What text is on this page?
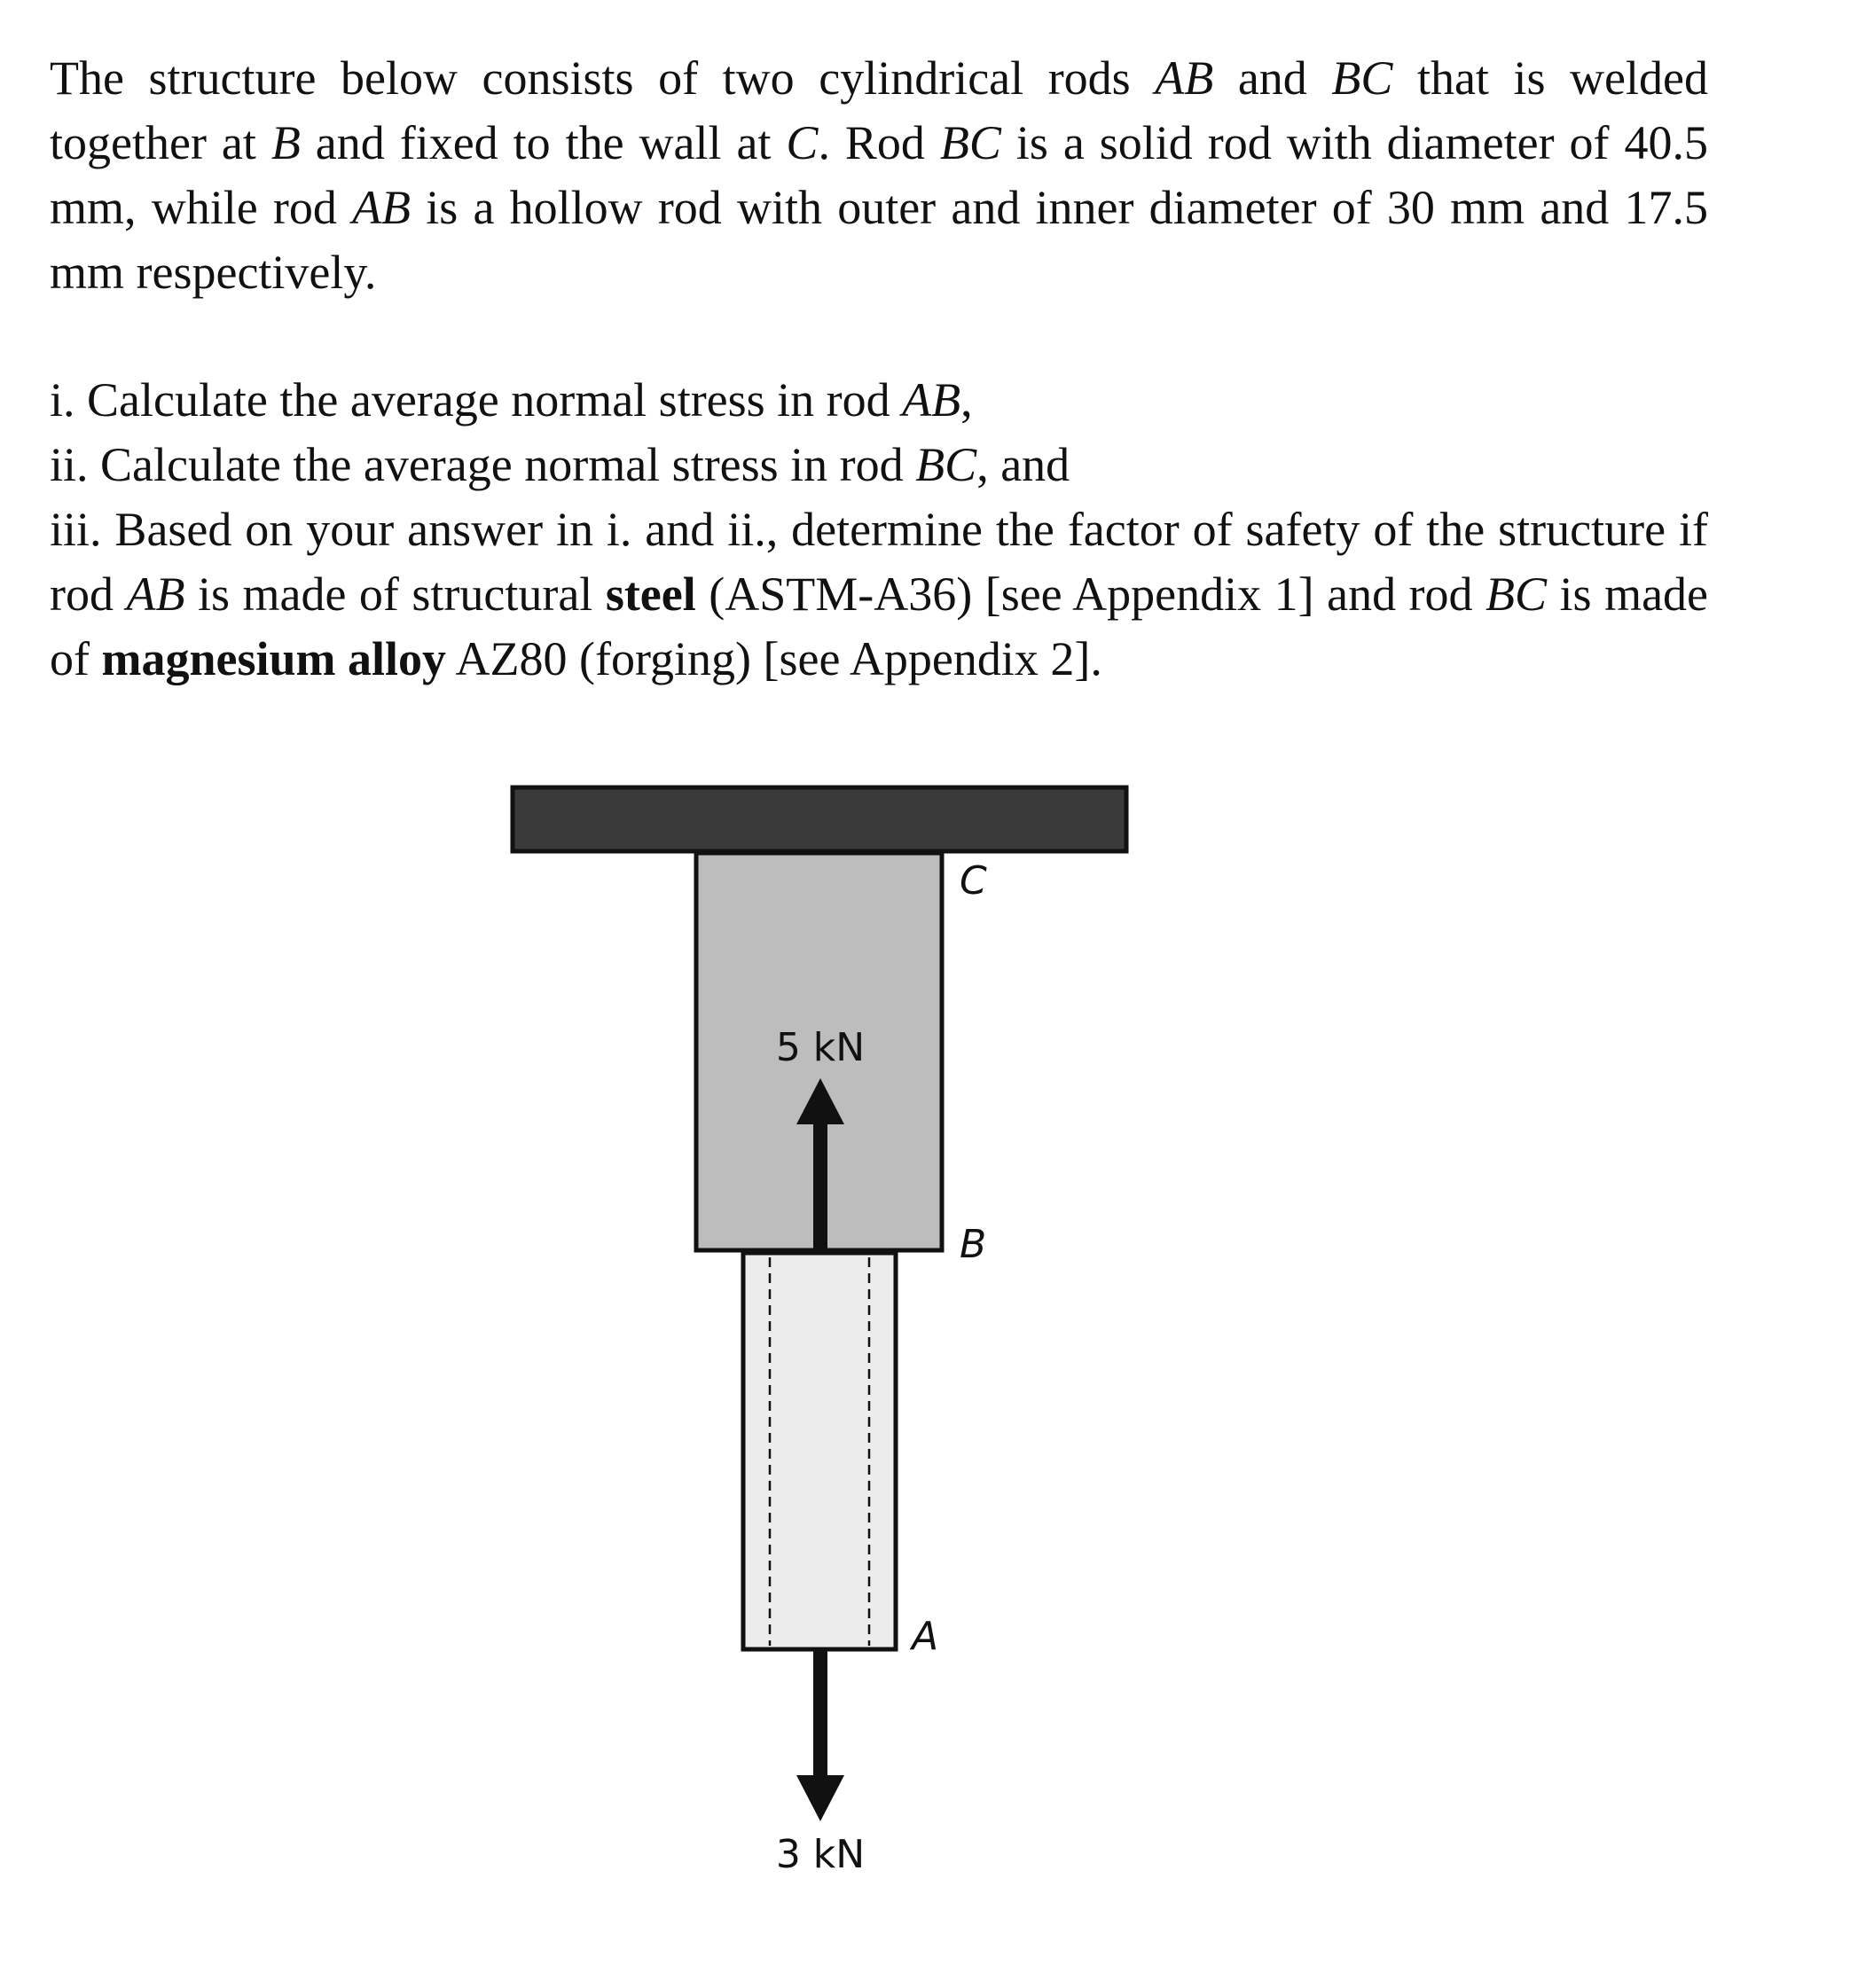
The structure below consists of two cylindrical rods AB and BC that is welded together at B and fixed to the wall at C. Rod BC is a solid rod with diameter of 40.5 mm, while rod AB is a hollow rod with outer and inner diameter of 30 mm and 17.5 mm respectively.

i. Calculate the average normal stress in rod AB,
ii. Calculate the average normal stress in rod BC, and
iii. Based on your answer in i. and ii., determine the factor of safety of the structure if rod AB is made of structural steel (ASTM-A36) [see Appendix 1] and rod BC is made of magnesium alloy AZ80 (forging) [see Appendix 2].
5 kN
3 kN
C
B
A
